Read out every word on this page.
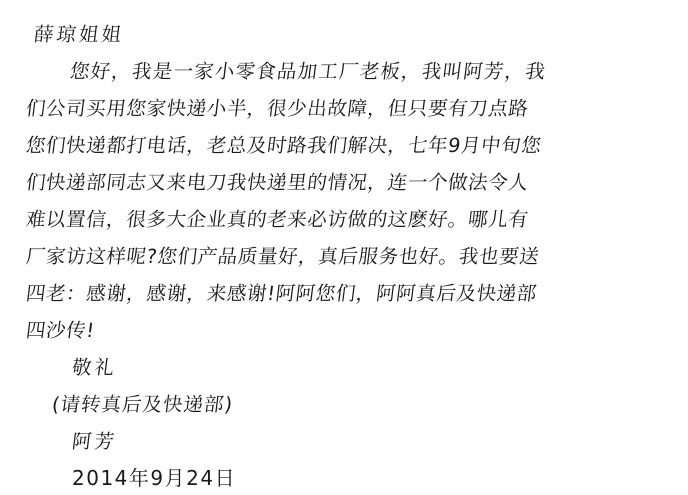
薛琼姐姐
您好，我是一家小零食品加工厂老板，我叫阿芳，我
们公司买用您家快递小半，很少出故障，但只要有刀点路
您们快递都打电话，老总及时路我们解决，七年9月中旬您
们快递部同志又来电刀我快递里的情况，连一个做法令人
难以置信，很多大企业真的老来必访做的这麽好。哪儿有
厂家访这样呢?您们产品质量好，真后服务也好。我也要送
四老：感谢，感谢，来感谢!阿阿您们，阿阿真后及快递部
四沙传!
敬礼
(请转真后及快递部)
阿芳
2014年9月24日
